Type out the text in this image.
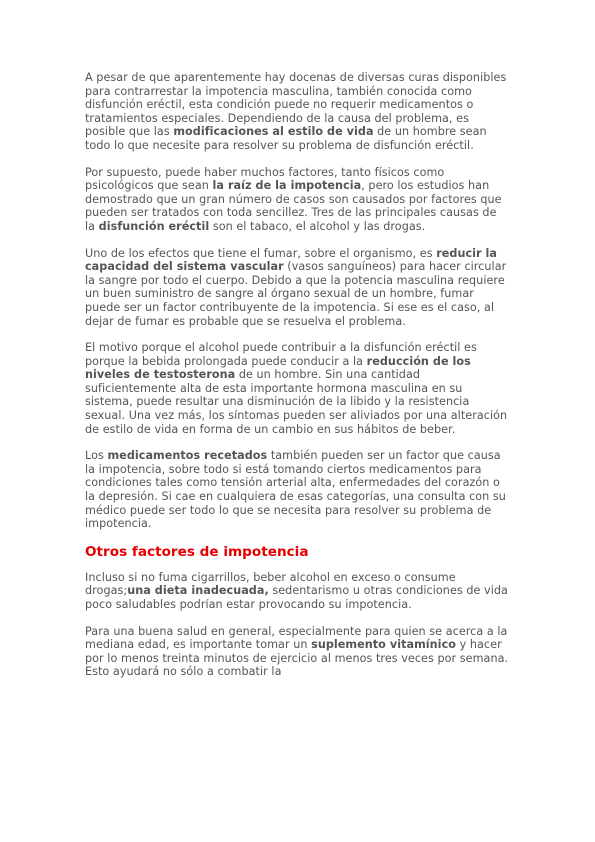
A pesar de que aparentemente hay docenas de diversas curas disponibles para contrarrestar la impotencia masculina, también conocida como disfunción eréctil, esta condición puede no requerir medicamentos o tratamientos especiales. Dependiendo de la causa del problema, es posible que las modificaciones al estilo de vida de un hombre sean todo lo que necesite para resolver su problema de disfunción eréctil.

Por supuesto, puede haber muchos factores, tanto físicos como psicológicos que sean la raíz de la impotencia, pero los estudios han demostrado que un gran número de casos son causados por factores que pueden ser tratados con toda sencillez. Tres de las principales causas de la disfunción eréctil son el tabaco, el alcohol y las drogas.

Uno de los efectos que tiene el fumar, sobre el organismo, es reducir la capacidad del sistema vascular (vasos sanguíneos) para hacer circular la sangre por todo el cuerpo. Debido a que la potencia masculina requiere un buen suministro de sangre al órgano sexual de un hombre, fumar puede ser un factor contribuyente de la impotencia. Si ese es el caso, al dejar de fumar es probable que se resuelva el problema.

El motivo porque el alcohol puede contribuir a la disfunción eréctil es porque la bebida prolongada puede conducir a la reducción de los niveles de testosterona de un hombre. Sin una cantidad suficientemente alta de esta importante hormona masculina en su sistema, puede resultar una disminución de la libido y la resistencia sexual. Una vez más, los síntomas pueden ser aliviados por una alteración de estilo de vida en forma de un cambio en sus hábitos de beber.

Los medicamentos recetados también pueden ser un factor que causa la impotencia, sobre todo si está tomando ciertos medicamentos para condiciones tales como tensión arterial alta, enfermedades del corazón o la depresión. Si cae en cualquiera de esas categorías, una consulta con su médico puede ser todo lo que se necesita para resolver su problema de impotencia.

Otros factores de impotencia

Incluso si no fuma cigarrillos, beber alcohol en exceso o consume drogas;una dieta inadecuada, sedentarismo u otras condiciones de vida poco saludables podrían estar provocando su impotencia.

Para una buena salud en general, especialmente para quien se acerca a la mediana edad, es importante tomar un suplemento vitamínico y hacer por lo menos treinta minutos de ejercicio al menos tres veces por semana. Esto ayudará no sólo a combatir la
